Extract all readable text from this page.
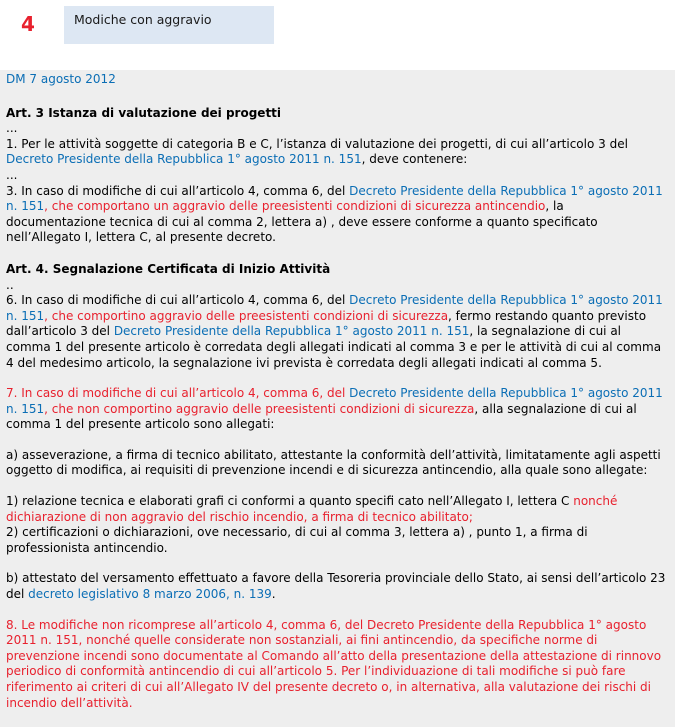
4	Modiche con aggravio

DM 7 agosto 2012

Art. 3 Istanza di valutazione dei progetti

...

1. Per le attività soggette di categoria B e C, l’istanza di valutazione dei progetti, di cui all’articolo 3 del Decreto Presidente della Repubblica 1° agosto 2011 n. 151, deve contenere:

...

3. In caso di modifiche di cui all’articolo 4, comma 6, del Decreto Presidente della Repubblica 1° agosto 2011 n. 151, che comportano un aggravio delle preesistenti condizioni di sicurezza antincendio, la documentazione tecnica di cui al comma 2, lettera a) , deve essere conforme a quanto specificato nell’Allegato I, lettera C, al presente decreto.

Art. 4. Segnalazione Certificata di Inizio Attività

..

6. In caso di modifiche di cui all’articolo 4, comma 6, del Decreto Presidente della Repubblica 1° agosto 2011 n. 151, che comportino aggravio delle preesistenti condizioni di sicurezza, fermo restando quanto previsto dall’articolo 3 del Decreto Presidente della Repubblica 1° agosto 2011 n. 151, la segnalazione di cui al comma 1 del presente articolo è corredata degli allegati indicati al comma 3 e per le attività di cui al comma 4 del medesimo articolo, la segnalazione ivi prevista è corredata degli allegati indicati al comma 5.

7. In caso di modifiche di cui all’articolo 4, comma 6, del Decreto Presidente della Repubblica 1° agosto 2011 n. 151, che non comportino aggravio delle preesistenti condizioni di sicurezza, alla segnalazione di cui al comma 1 del presente articolo sono allegati:

a) asseverazione, a firma di tecnico abilitato, attestante la conformità dell’attività, limitatamente agli aspetti oggetto di modifica, ai requisiti di prevenzione incendi e di sicurezza antincendio, alla quale sono allegate:

1) relazione tecnica e elaborati grafi ci conformi a quanto specifi cato nell’Allegato I, lettera C nonché dichiarazione di non aggravio del rischio incendio, a firma di tecnico abilitato;

2) certificazioni o dichiarazioni, ove necessario, di cui al comma 3, lettera a) , punto 1, a firma di professionista antincendio.

b) attestato del versamento effettuato a favore della Tesoreria provinciale dello Stato, ai sensi dell’articolo 23 del decreto legislativo 8 marzo 2006, n. 139.

8. Le modifiche non ricomprese all’articolo 4, comma 6, del Decreto Presidente della Repubblica 1° agosto 2011 n. 151, nonché quelle considerate non sostanziali, ai fini antincendio, da specifiche norme di prevenzione incendi sono documentate al Comando all’atto della presentazione della attestazione di rinnovo periodico di conformità antincendio di cui all’articolo 5. Per l’individuazione di tali modifiche si può fare riferimento ai criteri di cui all’Allegato IV del presente decreto o, in alternativa, alla valutazione dei rischi di incendio dell’attività.
